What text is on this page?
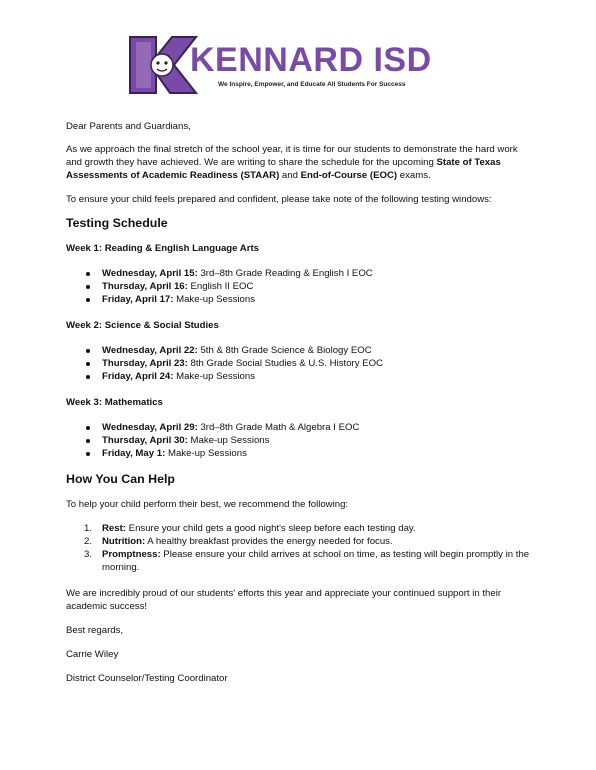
KENNARD ISD
We Inspire, Empower, and Educate All Students For Success

Dear Parents and Guardians,

As we approach the final stretch of the school year, it is time for our students to demonstrate the hard work and growth they have achieved. We are writing to share the schedule for the upcoming State of Texas Assessments of Academic Readiness (STAAR) and End-of-Course (EOC) exams.

To ensure your child feels prepared and confident, please take note of the following testing windows:

Testing Schedule
Week 1: Reading & English Language Arts
Wednesday, April 15: 3rd–8th Grade Reading & English I EOC
Thursday, April 16: English II EOC
Friday, April 17: Make-up Sessions
Week 2: Science & Social Studies
Wednesday, April 22: 5th & 8th Grade Science & Biology EOC
Thursday, April 23: 8th Grade Social Studies & U.S. History EOC
Friday, April 24: Make-up Sessions
Week 3: Mathematics
Wednesday, April 29: 3rd–8th Grade Math & Algebra I EOC
Thursday, April 30: Make-up Sessions
Friday, May 1: Make-up Sessions
How You Can Help

To help your child perform their best, we recommend the following:

1. Rest: Ensure your child gets a good night's sleep before each testing day.
2. Nutrition: A healthy breakfast provides the energy needed for focus.
3. Promptness: Please ensure your child arrives at school on time, as testing will begin promptly in the morning.

We are incredibly proud of our students' efforts this year and appreciate your continued support in their academic success!

Best regards,

Carrie Wiley

District Counselor/Testing Coordinator
